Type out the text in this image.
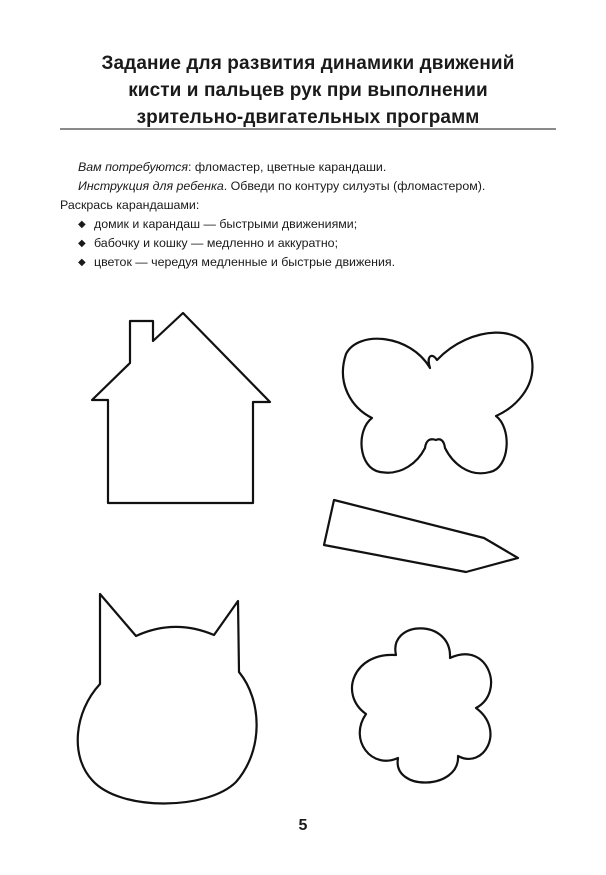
Задание для развития динамики движений
кисти и пальцев рук при выполнении
зрительно-двигательных программ

Вам потребуются: фломастер, цветные карандаши.

Инструкция для ребенка. Обведи по контуру силуэты (фломастером).

Раскрась карандашами:

◆ домик и карандаш — быстрыми движениями;
◆ бабочку и кошку — медленно и аккуратно;
◆ цветок — чередуя медленные и быстрые движения.
5
